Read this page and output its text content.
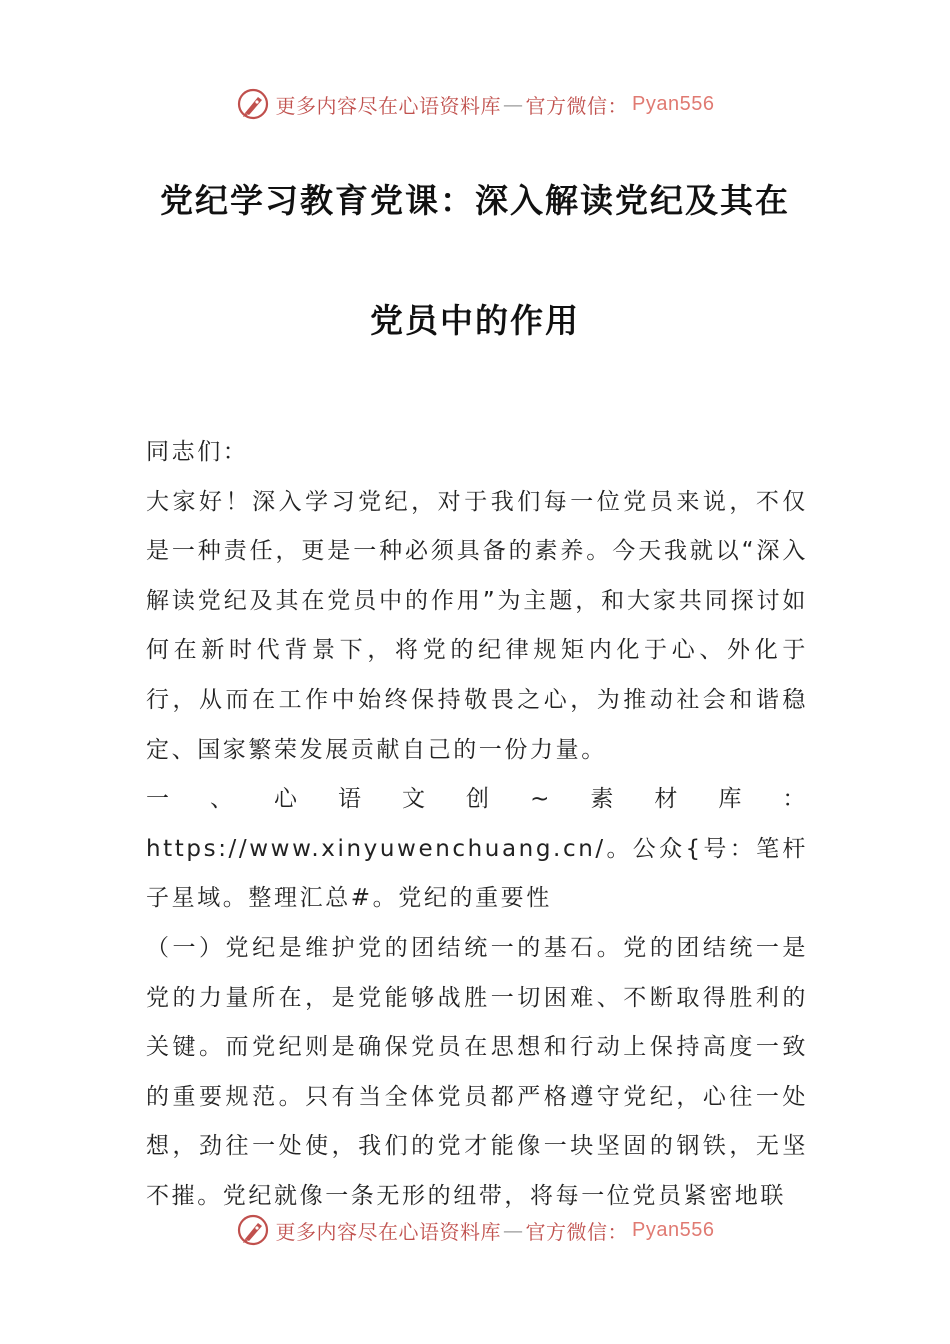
更多内容尽在心语资料库 — 官方微信： Pyan556
党纪学习教育党课：深入解读党纪及其在
党员中的作用

同志们：

大家好！深入学习党纪，对于我们每一位党员来说，不仅是一种责任，更是一种必须具备的素养。今天我就以“深入解读党纪及其在党员中的作用”为主题，和大家共同探讨如何在新时代背景下，将党的纪律规矩内化于心、外化于行，从而在工作中始终保持敬畏之心，为推动社会和谐稳定、国家繁荣发展贡献自己的一份力量。

一、心语文创~素材库：https://www.xinyuwenchuang.cn/。公众{号：笔杆子星域。整理汇总#。党纪的重要性

（一）党纪是维护党的团结统一的基石。党的团结统一是党的力量所在，是党能够战胜一切困难、不断取得胜利的关键。而党纪则是确保党员在思想和行动上保持高度一致的重要规范。只有当全体党员都严格遵守党纪，心往一处想，劲往一处使，我们的党才能像一块坚固的钢铁，无坚不摧。党纪就像一条无形的纽带，将每一位党员紧密地联

更多内容尽在心语资料库 — 官方微信： Pyan556
